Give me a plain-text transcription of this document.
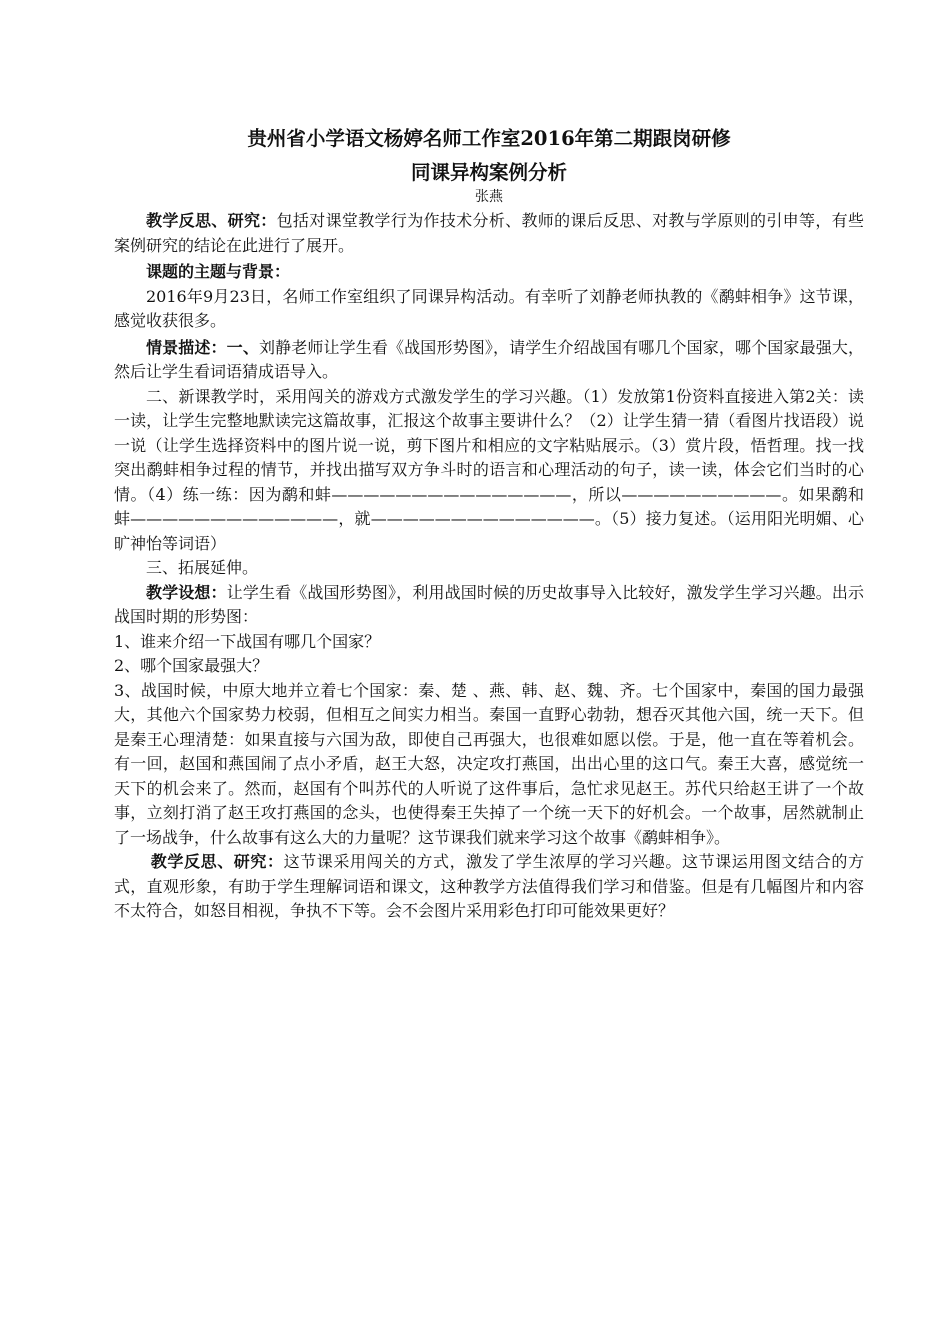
贵州省小学语文杨婷名师工作室2016年第二期跟岗研修
同课异构案例分析

张燕

教学反思、研究：包括对课堂教学行为作技术分析、教师的课后反思、对教与学原则的引申等，有些案例研究的结论在此进行了展开。

课题的主题与背景：

2016年9月23日，名师工作室组织了同课异构活动。有幸听了刘静老师执教的《鹬蚌相争》这节课，感觉收获很多。

情景描述：一、刘静老师让学生看《战国形势图》，请学生介绍战国有哪几个国家，哪个国家最强大，然后让学生看词语猜成语导入。

二、新课教学时，采用闯关的游戏方式激发学生的学习兴趣。（1）发放第1份资料直接进入第2关：读一读，让学生完整地默读完这篇故事，汇报这个故事主要讲什么？（2）让学生猜一猜（看图片找语段）说一说（让学生选择资料中的图片说一说，剪下图片和相应的文字粘贴展示。（3）赏片段，悟哲理。找一找突出鹬蚌相争过程的情节，并找出描写双方争斗时的语言和心理活动的句子，读一读，体会它们当时的心情。（4）练一练：因为鹬和蚌———————————————，所以——————————。如果鹬和蚌—————————————，就——————————————。（5）接力复述。（运用阳光明媚、心旷神怡等词语）

三、拓展延伸。

教学设想：让学生看《战国形势图》，利用战国时候的历史故事导入比较好，激发学生学习兴趣。出示战国时期的形势图：

1、谁来介绍一下战国有哪几个国家？

2、哪个国家最强大？

3、战国时候，中原大地并立着七个国家：秦、楚 、燕、韩、赵、魏、齐。七个国家中，秦国的国力最强大，其他六个国家势力校弱，但相互之间实力相当。秦国一直野心勃勃，想吞灭其他六国，统一天下。但是秦王心理清楚：如果直接与六国为敌，即使自己再强大，也很难如愿以偿。于是，他一直在等着机会。有一回，赵国和燕国闹了点小矛盾，赵王大怒，决定攻打燕国，出出心里的这口气。秦王大喜，感觉统一天下的机会来了。然而，赵国有个叫苏代的人听说了这件事后，急忙求见赵王。苏代只给赵王讲了一个故事，立刻打消了赵王攻打燕国的念头，也使得秦王失掉了一个统一天下的好机会。一个故事，居然就制止了一场战争，什么故事有这么大的力量呢？这节课我们就来学习这个故事《鹬蚌相争》。

教学反思、研究：这节课采用闯关的方式，激发了学生浓厚的学习兴趣。这节课运用图文结合的方式，直观形象，有助于学生理解词语和课文，这种教学方法值得我们学习和借鉴。但是有几幅图片和内容不太符合，如怒目相视，争执不下等。会不会图片采用彩色打印可能效果更好？
